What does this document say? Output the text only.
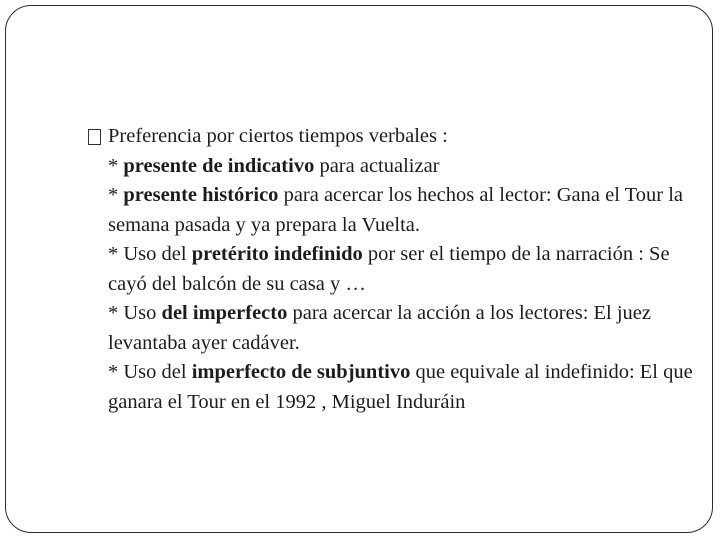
Preferencia por ciertos tiempos verbales :
* presente de indicativo para actualizar
* presente histórico para acercar los hechos al lector: Gana el Tour la semana pasada y ya prepara la Vuelta.
* Uso del pretérito indefinido por ser el tiempo de la narración : Se cayó del balcón de su casa y …
* Uso del imperfecto para acercar la acción a los lectores: El juez levantaba ayer cadáver.
* Uso del imperfecto de subjuntivo que equivale al indefinido: El que ganara el Tour en el 1992 , Miguel Induráin
